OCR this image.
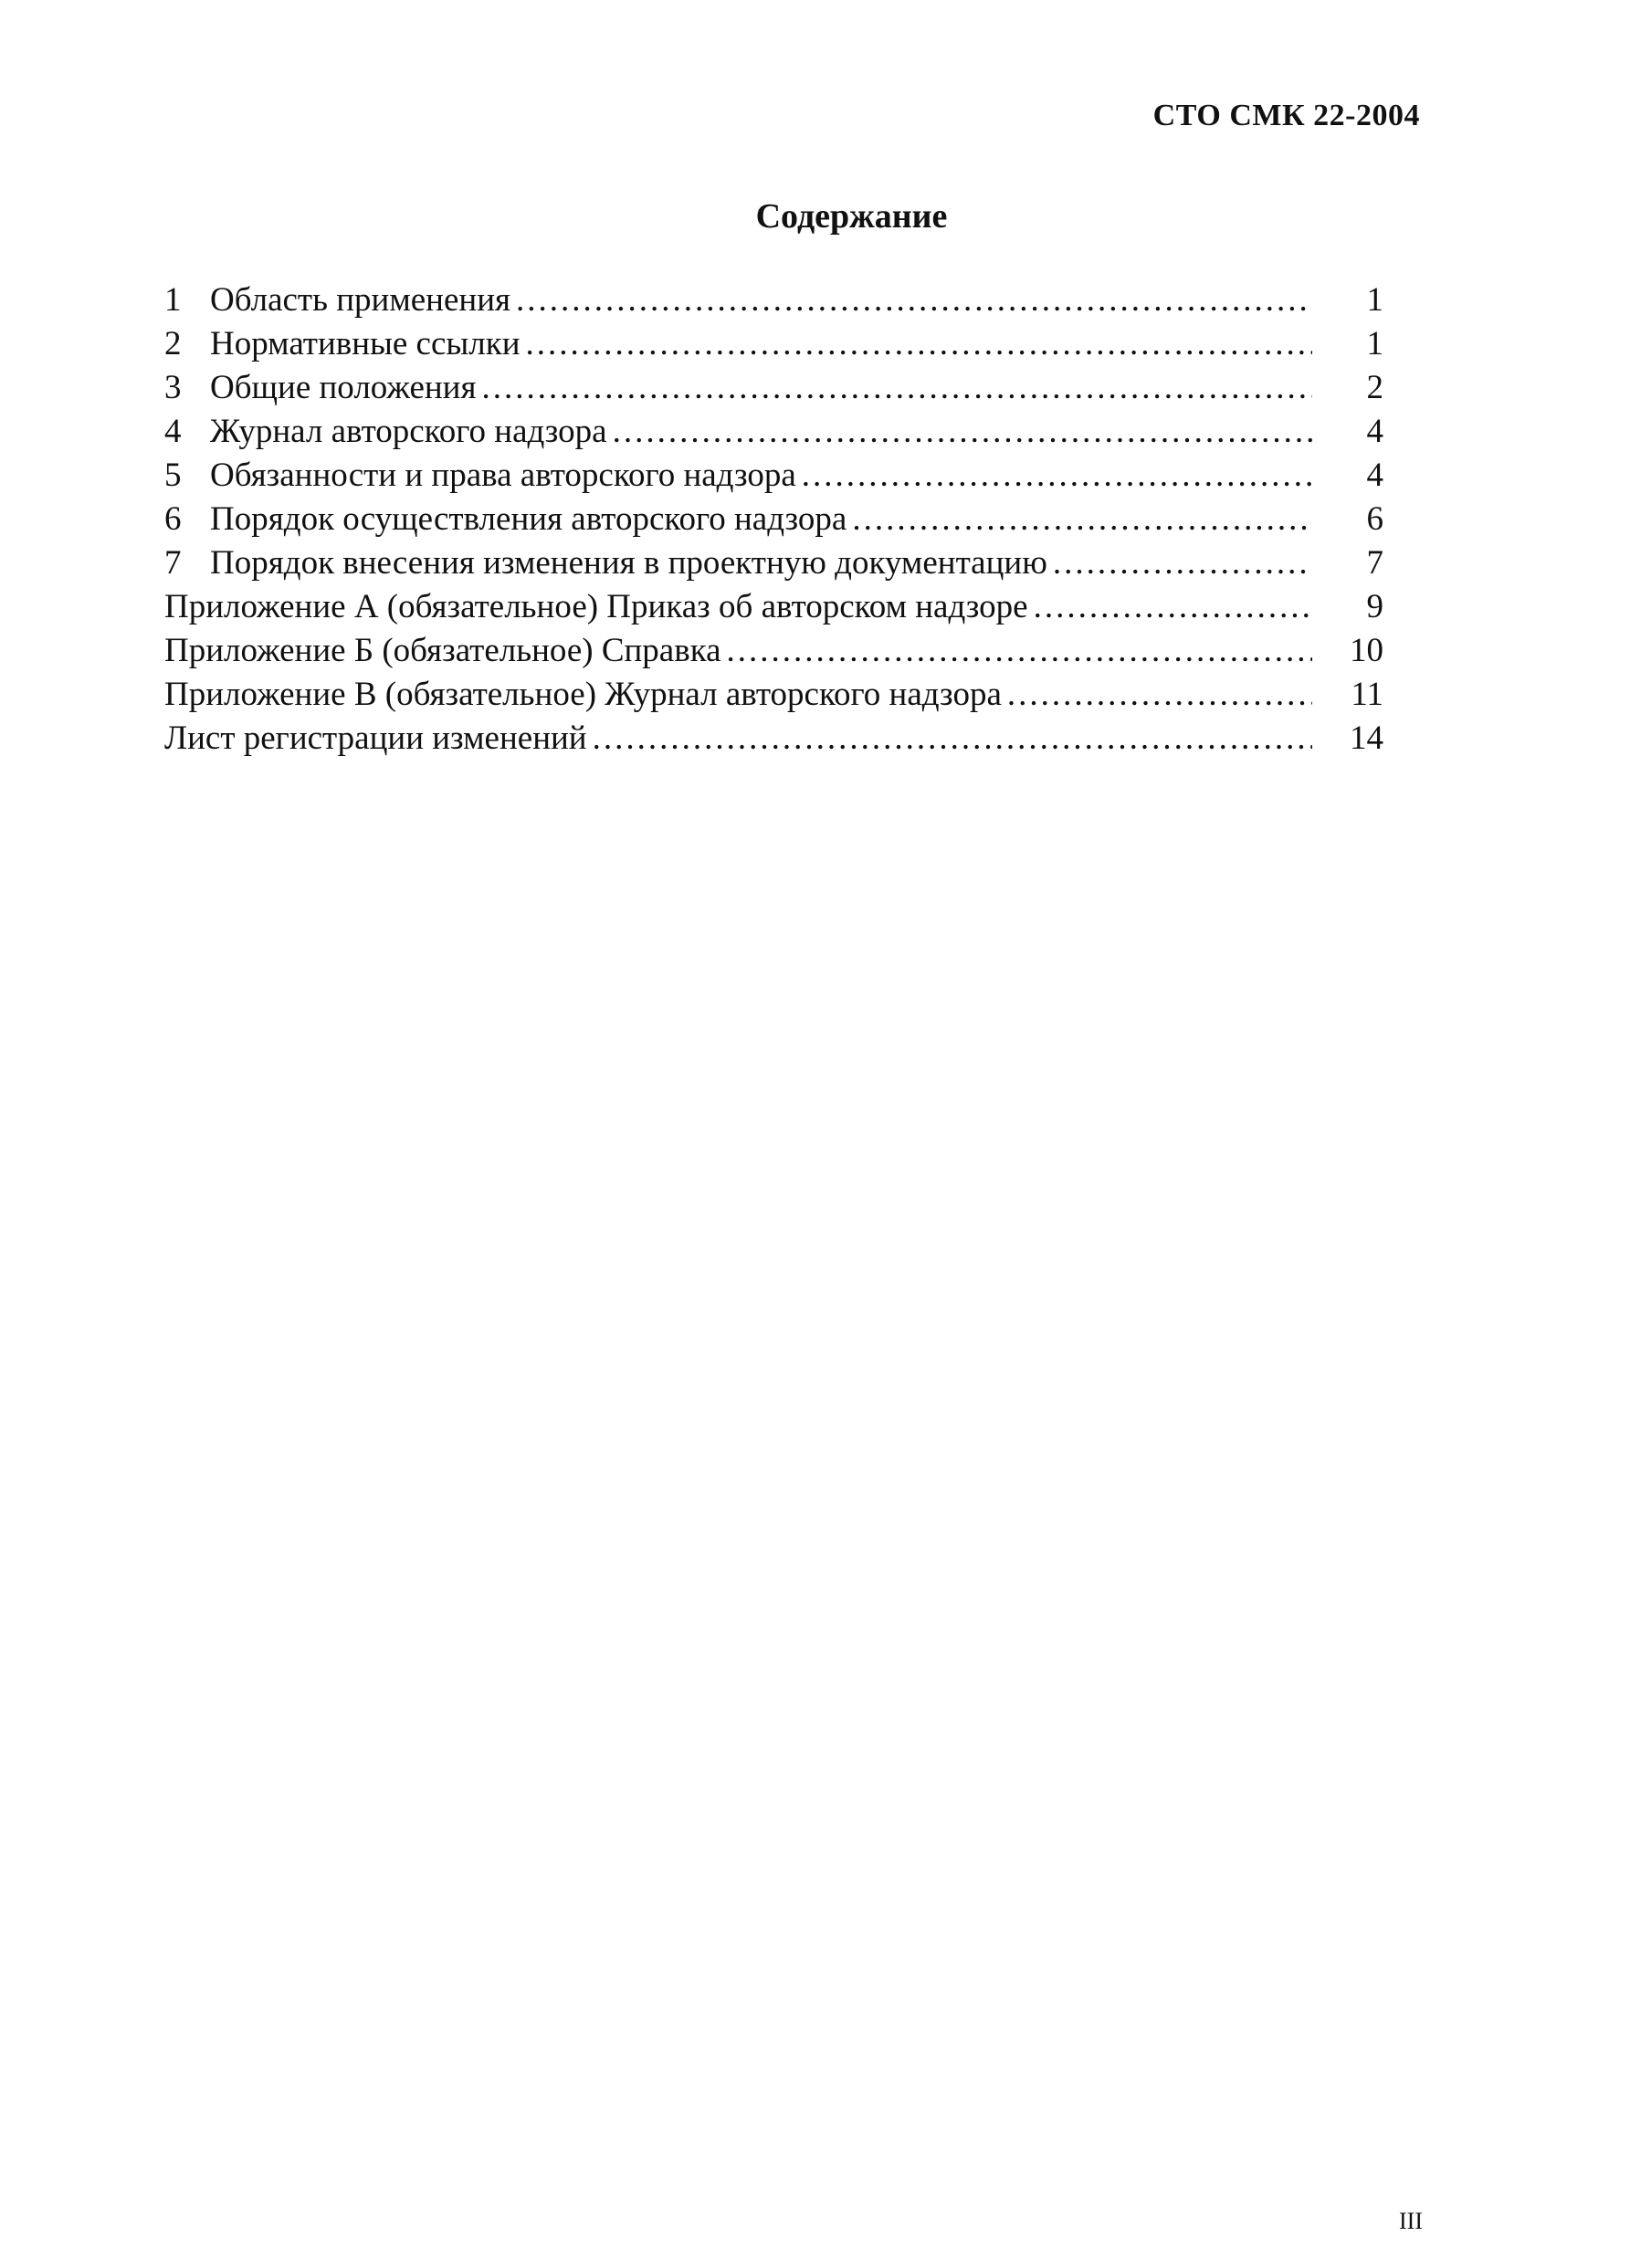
СТО СМК 22-2004
Содержание
1 Область применения .....	1
2 Нормативные ссылки .....	1
3 Общие положения .....	2
4 Журнал авторского надзора .....	4
5 Обязанности и права авторского надзора .....	4
6 Порядок осуществления авторского надзора .....	6
7 Порядок внесения изменения в проектную документацию .....	7
Приложение А (обязательное) Приказ об авторском надзоре .....	9
Приложение Б (обязательное) Справка .....	10
Приложение В (обязательное) Журнал авторского надзора .....	11
Лист регистрации изменений .....	14
III
